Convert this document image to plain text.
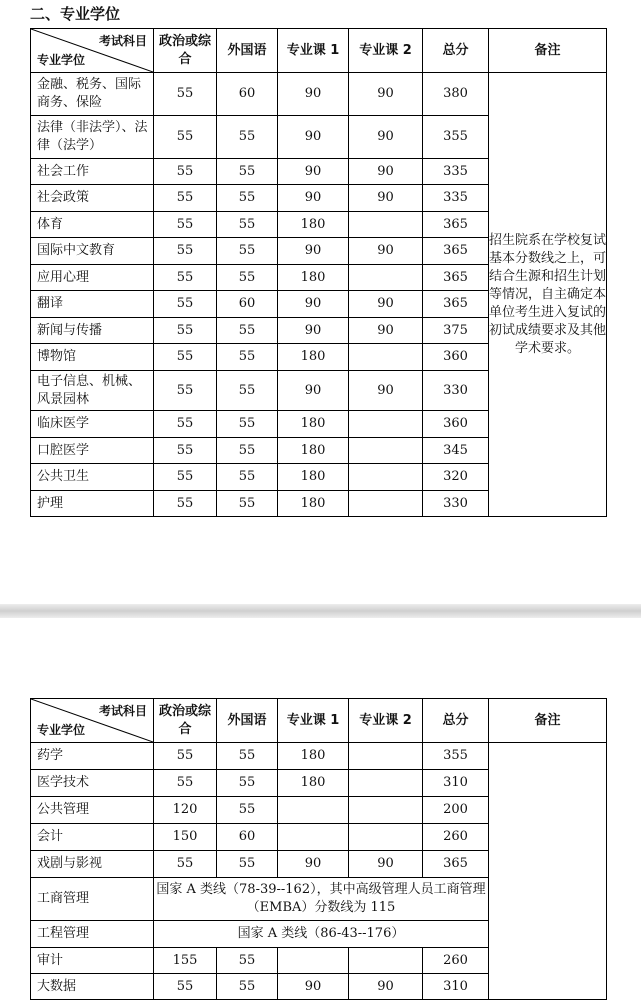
二、专业学位
考试科目
专业学位	政治或综合	外国语	专业课 1	专业课 2	总分	备注
金融、税务、国际商务、保险	55	60	90	90	380	招生院系在学校复试基本分数线之上，可结合生源和招生计划等情况，自主确定本单位考生进入复试的初试成绩要求及其他学术要求。
法律（非法学）、法律（法学）	55	55	90	90	355	
社会工作	55	55	90	90	335	
社会政策	55	55	90	90	335	
体育	55	55	180		365	
国际中文教育	55	55	90	90	365	
应用心理	55	55	180		365	
翻译	55	60	90	90	365	
新闻与传播	55	55	90	90	375	
博物馆	55	55	180		360	
电子信息、机械、风景园林	55	55	90	90	330	
临床医学	55	55	180		360	
口腔医学	55	55	180		345	
公共卫生	55	55	180		320	
护理	55	55	180		330	
考试科目
专业学位	政治或综合	外国语	专业课 1	专业课 2	总分	备注
药学	55	55	180		355	
医学技术	55	55	180		310	
公共管理	120	55			200	
会计	150	60			260	
戏剧与影视	55	55	90	90	365	
工商管理	国家 A 类线（78-39--162），其中高级管理人员工商管理（EMBA）分数线为 115					
工程管理	国家 A 类线（86-43--176）					
审计	155	55			260	
大数据	55	55	90	90	310	
